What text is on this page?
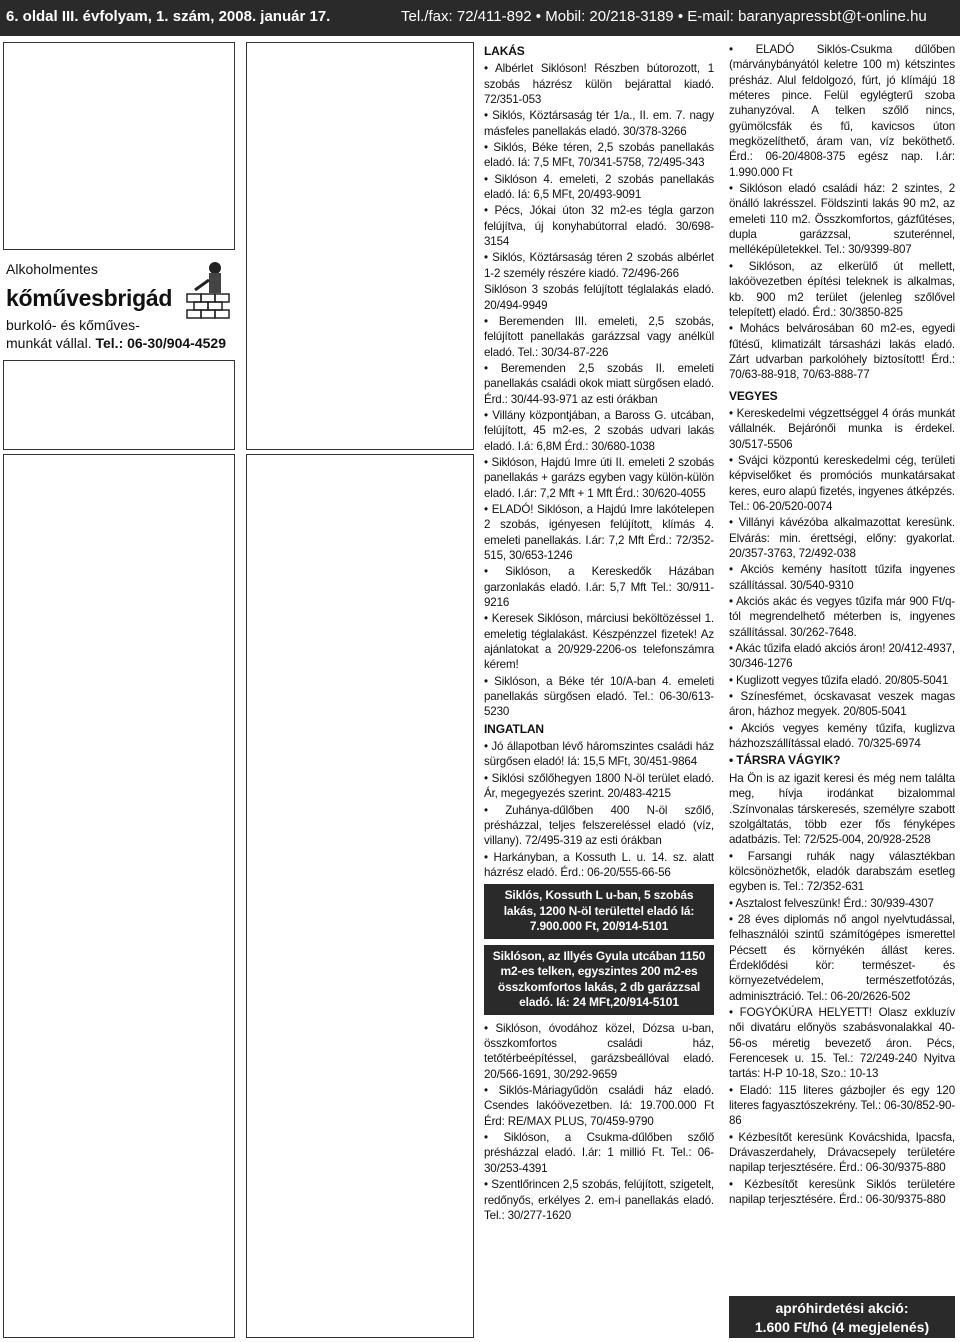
6. oldal III. évfolyam, 1. szám, 2008. január 17.	Tel./fax: 72/411-892 • Mobil: 20/218-3189 • E-mail: baranyapressbt@t-online.hu
Alkoholmentes
kőművesbrigád
burkoló- és kőműves-
munkát vállal. Tel.: 06-30/904-4529
LAKÁS

• Albérlet Siklóson! Részben bútorozott, 1 szobás házrész külön bejárattal kiadó. 72/351-053

• Siklós, Köztársaság tér 1/a., II. em. 7. nagy másfeles panellakás eladó. 30/378-3266

• Siklós, Béke téren, 2,5 szobás panellakás eladó. Iá: 7,5 MFt, 70/341-5758, 72/495-343

• Siklóson 4. emeleti, 2 szobás panellakás eladó. Iá: 6,5 MFt, 20/493-9091

• Pécs, Jókai úton 32 m2-es tégla garzon felújítva, új konyhabútorral eladó. 30/698-3154

• Siklós, Köztársaság téren 2 szobás albérlet 1-2 személy részére kiadó. 72/496-266

Siklóson 3 szobás felújított téglalakás eladó. 20/494-9949

• Beremenden III. emeleti, 2,5 szobás, felújított panellakás garázzsal vagy anélkül eladó. Tel.: 30/34-87-226

• Beremenden 2,5 szobás II. emeleti panellakás családi okok miatt sürgősen eladó. Érd.: 30/44-93-971 az esti órákban

• Villány központjában, a Baross G. utcában, felújított, 45 m2-es, 2 szobás udvari lakás eladó. I.á: 6,8M Érd.: 30/680-1038

• Siklóson, Hajdú Imre úti II. emeleti 2 szobás panellakás + garázs egyben vagy külön-külön eladó. I.ár: 7,2 Mft + 1 Mft Érd.: 30/620-4055

• ELADÓ! Siklóson, a Hajdú Imre lakótelepen 2 szobás, igényesen felújított, klímás 4. emeleti panellakás. I.ár: 7,2 Mft Érd.: 72/352-515, 30/653-1246

• Siklóson, a Kereskedők Házában garzonlakás eladó. I.ár: 5,7 Mft Tel.: 30/911-9216

• Keresek Siklóson, márciusi beköltözéssel 1. emeletig téglalakást. Készpénzzel fizetek! Az ajánlatokat a 20/929-2206-os telefonszámra kérem!

• Siklóson, a Béke tér 10/A-ban 4. emeleti panellakás sürgősen eladó. Tel.: 06-30/613-5230

INGATLAN

• Jó állapotban lévő háromszintes családi ház sürgősen eladó! Iá: 15,5 MFt, 30/451-9864

• Siklósi szőlőhegyen 1800 N-öl terület eladó. Ár, megegyezés szerint. 20/483-4215

• Zuhánya-dűlőben 400 N-öl szőlő, présházzal, teljes felszereléssel eladó (víz, villany). 72/495-319 az esti órákban

• Harkányban, a Kossuth L. u. 14. sz. alatt házrész eladó. Érd.: 06-20/555-66-56

Siklós, Kossuth L u-ban, 5 szobás lakás, 1200 N-öl területtel eladó Iá: 7.900.000 Ft, 20/914-5101
Siklóson, az Illyés Gyula utcában 1150 m2-es telken, egyszintes 200 m2-es összkomfortos lakás, 2 db garázzsal eladó. Iá: 24 MFt,20/914-5101

• Siklóson, óvodához közel, Dózsa u-ban, összkomfortos családi ház, tetőtérbeépítéssel, garázsbeállóval eladó. 20/566-1691, 30/292-9659

• Siklós-Máriagyűdön családi ház eladó. Csendes lakóövezetben. Iá: 19.700.000 Ft Érd: RE/MAX PLUS, 70/459-9790

• Siklóson, a Csukma-dűlőben szőlő présházzal eladó. I.ár: 1 millió Ft. Tel.: 06-30/253-4391

• Szentlőrincen 2,5 szobás, felújított, szigetelt, redőnyős, erkélyes 2. em-i panellakás eladó. Tel.: 30/277-1620

• ELADÓ Siklós-Csukma dűlőben (márványbányától keletre 100 m) kétszintes présház. Alul feldolgozó, fúrt, jó klímájú 18 méteres pince. Felül egylégterű szoba zuhanyzóval. A telken szőlő nincs, gyümölcsfák és fű, kavicsos úton megközelíthető, áram van, víz beköthető. Érd.: 06-20/4808-375 egész nap. I.ár: 1.990.000 Ft

• Siklóson eladó családi ház: 2 szintes, 2 önálló lakrésszel. Földszinti lakás 90 m2, az emeleti 110 m2. Összkomfortos, gázfűtéses, dupla garázzsal, szuterénnel, melléképületekkel. Tel.: 30/9399-807

• Siklóson, az elkerülő út mellett, lakóövezetben építési teleknek is alkalmas, kb. 900 m2 terület (jelenleg szőlővel telepített) eladó. Érd.: 30/3850-825

• Mohács belvárosában 60 m2-es, egyedi fűtésű, klimatizált társasházi lakás eladó. Zárt udvarban parkolóhely biztosított! Érd.: 70/63-88-918, 70/63-888-77

VEGYES

• Kereskedelmi végzettséggel 4 órás munkát vállalnék. Bejárónői munka is érdekel. 30/517-5506

• Svájci központú kereskedelmi cég, területi képviselőket és promóciós munkatársakat keres, euro alapú fizetés, ingyenes átképzés. Tel.: 06-20/520-0074

• Villányi kávézóba alkalmazottat keresünk. Elvárás: min. érettségi, előny: gyakorlat. 20/357-3763, 72/492-038

• Akciós kemény hasított tűzifa ingyenes szállítással. 30/540-9310

• Akciós akác és vegyes tűzifa már 900 Ft/q-tól megrendelhető méterben is, ingyenes szállítással. 30/262-7648.

• Akác tűzifa eladó akciós áron! 20/412-4937, 30/346-1276

• Kuglizott vegyes tűzifa eladó. 20/805-5041

• Színesfémet, ócskavasat veszek magas áron, házhoz megyek. 20/805-5041

• Akciós vegyes kemény tűzifa, kuglizva házhozszállítással eladó. 70/325-6974

• TÁRSRA VÁGYIK?

Ha Ön is az igazit keresi és még nem találta meg, hívja irodánkat bizalommal .Színvonalas társkeresés, személyre szabott szolgáltatás, több ezer fős fényképes adatbázis. Tel: 72/525-004, 20/928-2528

• Farsangi ruhák nagy választékban kölcsönözhetők, eladók darabszám esetleg egyben is. Tel.: 72/352-631

• Asztalost felveszünk! Érd.: 30/939-4307

• 28 éves diplomás nő angol nyelvtudással, felhasználói szintű számítógépes ismerettel Pécsett és környékén állást keres. Érdeklődési kör: természet- és környezetvédelem, természetfotózás, adminisztráció. Tel.: 06-20/2626-502

• FOGYÓKÚRA HELYETT! Olasz exkluzív női divatáru előnyös szabásvonalakkal 40-56-os méretig bevezető áron. Pécs, Ferencesek u. 15. Tel.: 72/249-240 Nyitva tartás: H-P 10-18, Szo.: 10-13

• Eladó: 115 literes gázbojler és egy 120 literes fagyasztószekrény. Tel.: 06-30/852-90-86

• Kézbesítőt keresünk Kovácshida, Ipacsfa, Drávaszerdahely, Drávacsepely területére napilap terjesztésére. Érd.: 06-30/9375-880

• Kézbesítőt keresünk Siklós területére napilap terjesztésére. Érd.: 06-30/9375-880

apróhirdetési akció:
1.600 Ft/hó (4 megjelenés)
